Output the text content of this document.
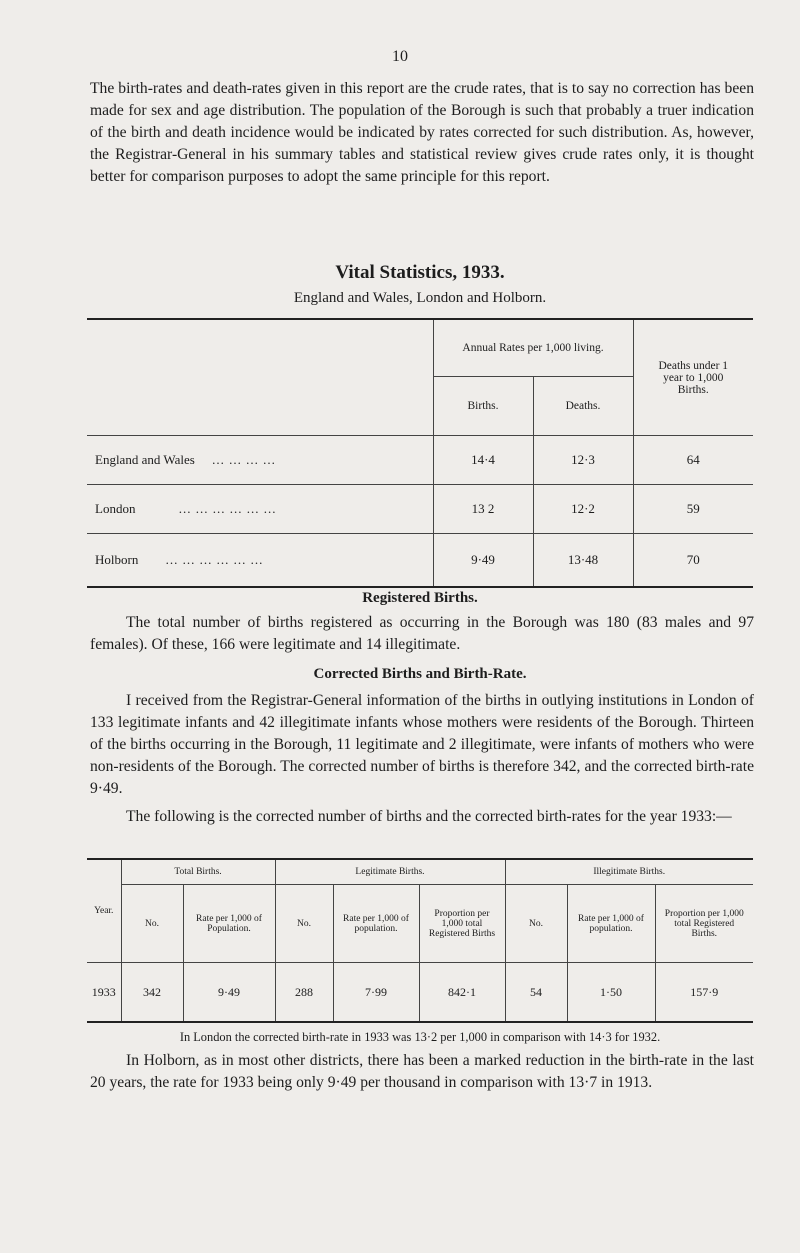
10

The birth-rates and death-rates given in this report are the crude rates, that is to say no correction has been made for sex and age distribution. The population of the Borough is such that probably a truer indication of the birth and death incidence would be indicated by rates corrected for such distribution. As, however, the Registrar-General in his summary tables and statistical review gives crude rates only, it is thought better for comparison purposes to adopt the same principle for this report.

Vital Statistics, 1933.
England and Wales, London and Holborn.
	Annual Rates per 1,000 living.		Deaths under 1 year to 1,000 Births.
	Births.	Deaths.	
England and Wales ... ... ... ...	14·4	12·3	64
London ... ... ... ... ... ...	13 2	12·2	59
Holborn ... ... ... ... ... ...	9·49	13·48	70
Registered Births.

The total number of births registered as occurring in the Borough was 180 (83 males and 97 females). Of these, 166 were legitimate and 14 illegitimate.

Corrected Births and Birth-Rate.

I received from the Registrar-General information of the births in outlying institutions in London of 133 legitimate infants and 42 illegitimate infants whose mothers were residents of the Borough. Thirteen of the births occurring in the Borough, 11 legitimate and 2 illegitimate, were infants of mothers who were non-residents of the Borough. The corrected number of births is therefore 342, and the corrected birth-rate 9·49.

The following is the corrected number of births and the corrected birth-rates for the year 1933:—

Year.	Total Births.		Legitimate Births.			Illegitimate Births.		
	No.	Rate per 1,000 of Population.	No.	Rate per 1,000 of population.	Proportion per 1,000 total Registered Births	No.	Rate per 1,000 of population.	Proportion per 1,000 total Registered Births.
1933	342	9·49	288	7·99	842·1	54	1·50	157·9
In London the corrected birth-rate in 1933 was 13·2 per 1,000 in comparison with 14·3 for 1932.

In Holborn, as in most other districts, there has been a marked reduction in the birth-rate in the last 20 years, the rate for 1933 being only 9·49 per thousand in comparison with 13·7 in 1913.
